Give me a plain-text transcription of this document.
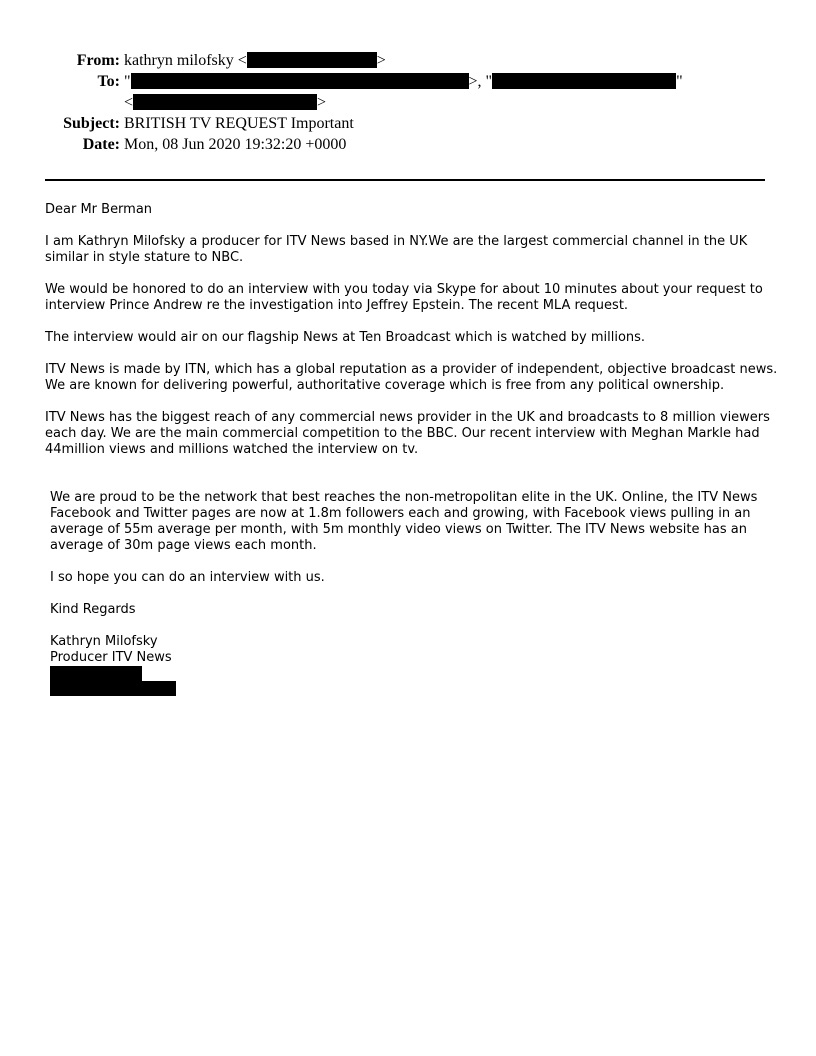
From: kathryn milofsky <	>
To: "	>, "	"
<	>
Subject: BRITISH TV REQUEST Important
Date: Mon, 08 Jun 2020 19:32:20 +0000

Dear Mr Berman

I am Kathryn Milofsky a producer for ITV News based in NY.We are the largest commercial channel in the UK similar in style stature to NBC.

We would be honored to do an interview with you today via Skype for about 10 minutes about your request to interview Prince Andrew re the investigation into Jeffrey Epstein. The recent MLA request.

The interview would air on our flagship News at Ten Broadcast which is watched by millions.

ITV News is made by ITN, which has a global reputation as a provider of independent, objective broadcast news. We are known for delivering powerful, authoritative coverage which is free from any political ownership.

ITV News has the biggest reach of any commercial news provider in the UK and broadcasts to 8 million viewers each day. We are the main commercial competition to the BBC. Our recent interview with Meghan Markle had 44million views and millions watched the interview on tv.

We are proud to be the network that best reaches the non-metropolitan elite in the UK. Online, the ITV News Facebook and Twitter pages are now at 1.8m followers each and growing, with Facebook views pulling in an average of 55m average per month, with 5m monthly video views on Twitter. The ITV News website has an average of 30m page views each month.

I so hope you can do an interview with us.

Kind Regards

Kathryn Milofsky

Producer ITV News
